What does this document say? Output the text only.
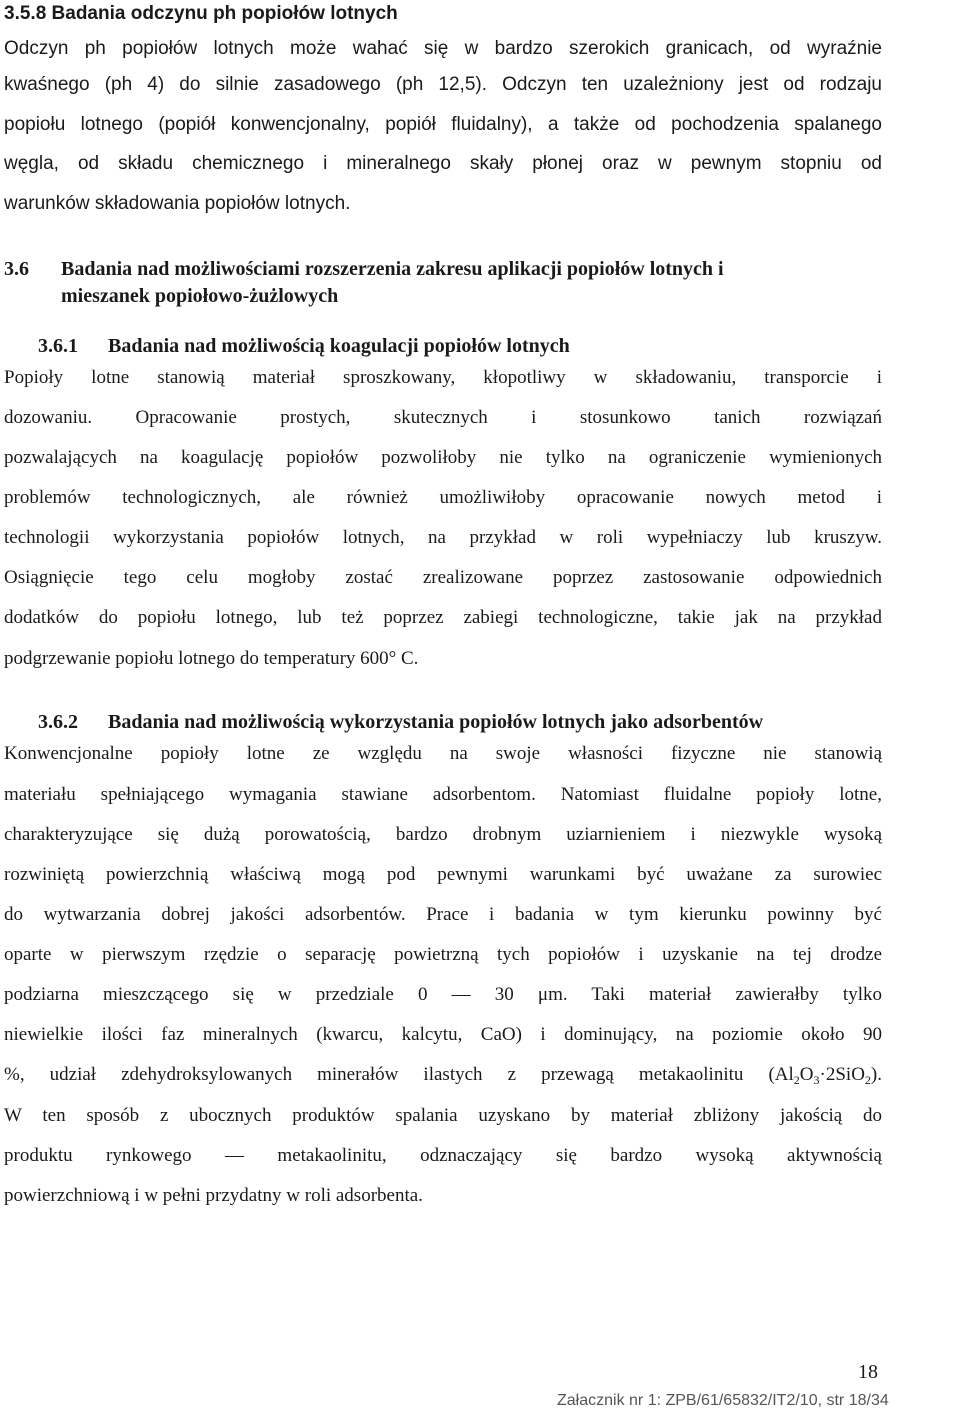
3.5.8 Badania odczynu ph popiołów lotnych
Odczyn ph popiołów lotnych może wahać się w bardzo szerokich granicach, od wyraźnie
kwaśnego (ph 4) do silnie zasadowego (ph 12,5). Odczyn ten uzależniony jest od rodzaju
popiołu lotnego (popiół konwencjonalny, popiół fluidalny), a także od pochodzenia spalanego
węgla, od składu chemicznego i mineralnego skały płonej oraz w pewnym stopniu od
warunków składowania popiołów lotnych.
3.6 Badania nad możliwościami rozszerzenia zakresu aplikacji popiołów lotnych i
mieszanek popiołowo-żużlowych
3.6.1 Badania nad możliwością koagulacji popiołów lotnych
Popioły lotne stanowią materiał sproszkowany, kłopotliwy w składowaniu, transporcie i
dozowaniu. Opracowanie prostych, skutecznych i stosunkowo tanich rozwiązań
pozwalających na koagulację popiołów pozwoliłoby nie tylko na ograniczenie wymienionych
problemów technologicznych, ale również umożliwiłoby opracowanie nowych metod i
technologii wykorzystania popiołów lotnych, na przykład w roli wypełniaczy lub kruszyw.
Osiągnięcie tego celu mogłoby zostać zrealizowane poprzez zastosowanie odpowiednich
dodatków do popiołu lotnego, lub też poprzez zabiegi technologiczne, takie jak na przykład
podgrzewanie popiołu lotnego do temperatury 600° C.
3.6.2 Badania nad możliwością wykorzystania popiołów lotnych jako adsorbentów
Konwencjonalne popioły lotne ze względu na swoje własności fizyczne nie stanowią
materiału spełniającego wymagania stawiane adsorbentom. Natomiast fluidalne popioły lotne,
charakteryzujące się dużą porowatością, bardzo drobnym uziarnieniem i niezwykle wysoką
rozwiniętą powierzchnią właściwą mogą pod pewnymi warunkami być uważane za surowiec
do wytwarzania dobrej jakości adsorbentów. Prace i badania w tym kierunku powinny być
oparte w pierwszym rzędzie o separację powietrzną tych popiołów i uzyskanie na tej drodze
podziarna mieszczącego się w przedziale 0 — 30 μm. Taki materiał zawierałby tylko
niewielkie ilości faz mineralnych (kwarcu, kalcytu, CaO) i dominujący, na poziomie około 90
%, udział zdehydroksylowanych minerałów ilastych z przewagą metakaolinitu $(Al_2O_3\cdot 2SiO_2)$.
W ten sposób z ubocznych produktów spalania uzyskano by materiał zbliżony jakością do
produktu rynkowego — metakaolinitu, odznaczający się bardzo wysoką aktywnością
powierzchniową i w pełni przydatny w roli adsorbenta.
18
Załacznik nr 1: ZPB/61/65832/IT2/10, str 18/34
